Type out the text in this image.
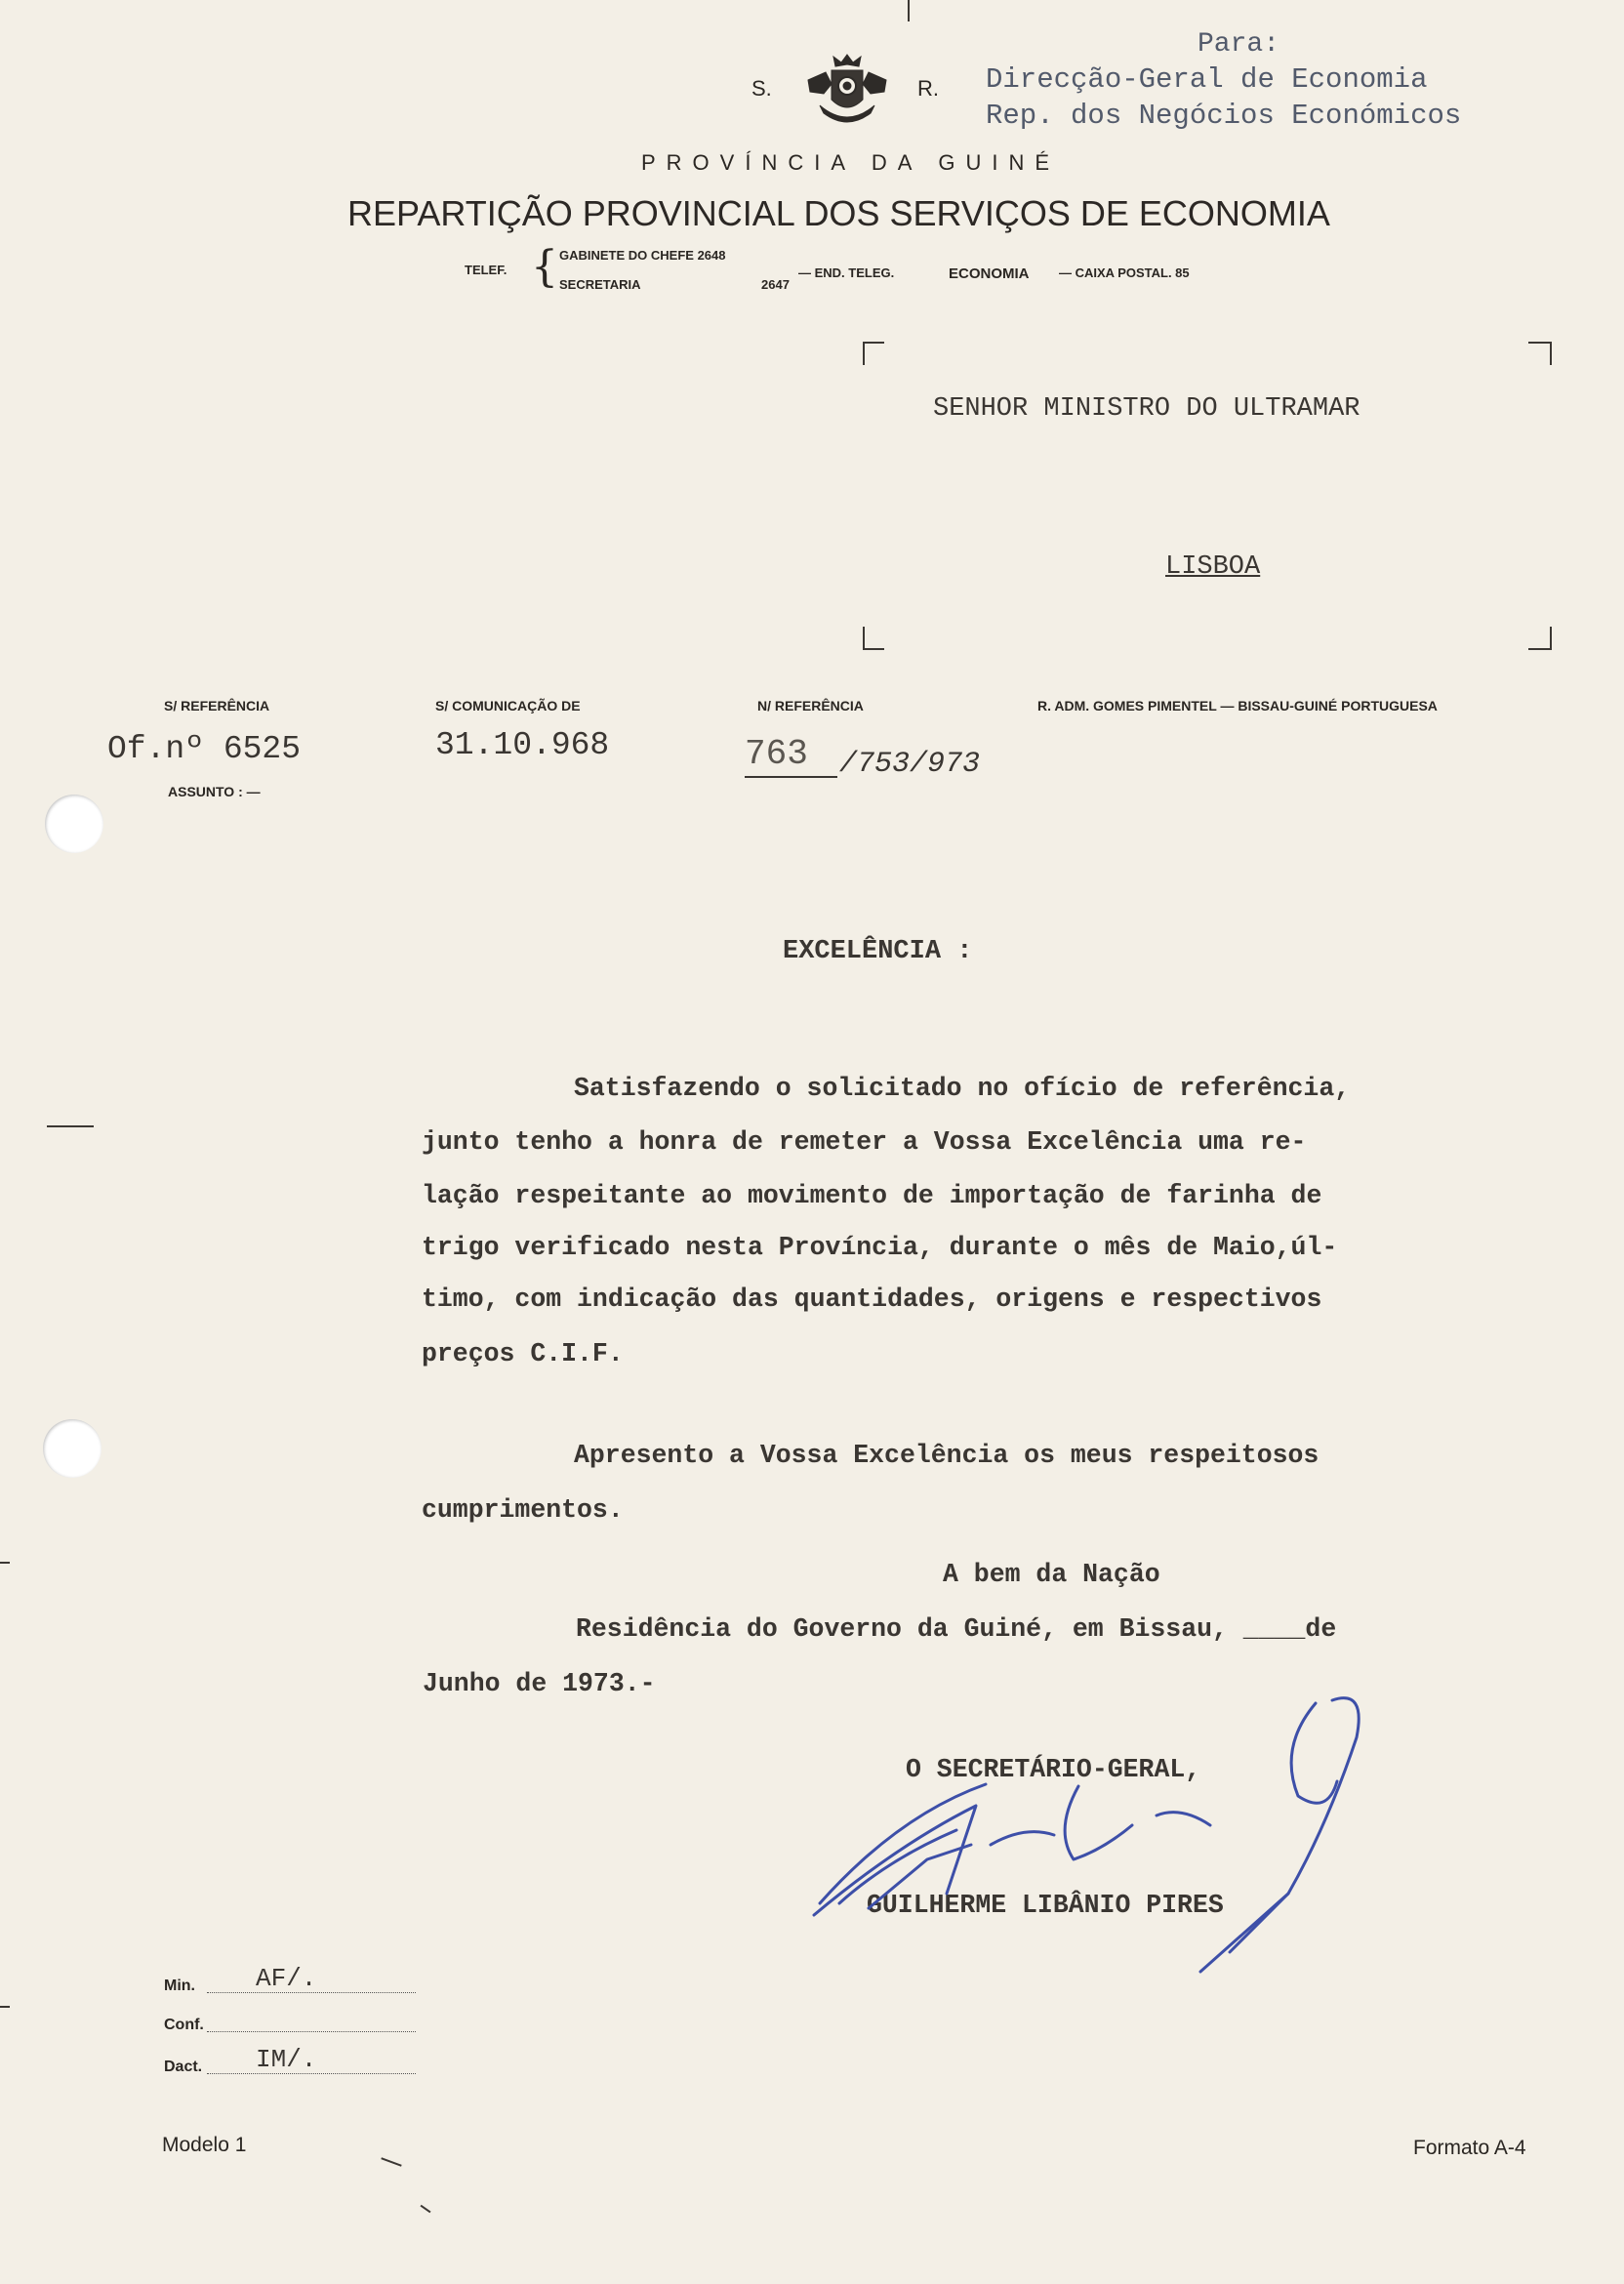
Para:
Direcção-Geral de Economia
Rep. dos Negócios Económicos
S.	R.
PROVÍNCIA DA GUINÉ
REPARTIÇÃO PROVINCIAL DOS SERVIÇOS DE ECONOMIA
TELEF. { GABINETE DO CHEFE 2648
SECRETARIA	2647
— END. TELEG.	ECONOMIA — CAIXA POSTAL. 85
SENHOR MINISTRO DO ULTRAMAR
LISBOA
S/ REFERÊNCIA	S/ COMUNICAÇÃO DE	N/ REFERÊNCIA	R. ADM. GOMES PIMENTEL — BISSAU-GUINÉ PORTUGUESA
Of.nº 6525	31.10.968	763	/753/973
ASSUNTO : —
EXCELÊNCIA :
Satisfazendo o solicitado no ofício de referência,
junto tenho a honra de remeter a Vossa Excelência uma re-
lação respeitante ao movimento de importação de farinha de
trigo verificado nesta Província, durante o mês de Maio,úl-
timo, com indicação das quantidades, origens e respectivos
preços C.I.F.
Apresento a Vossa Excelência os meus respeitosos
cumprimentos.
A bem da Nação
Residência do Governo da Guiné, em Bissau, ____de
Junho de 1973.-
O SECRETÁRIO-GERAL,
GUILHERME LIBÂNIO PIRES
Min. AF/.
Conf.
Dact. IM/.
Modelo 1	Formato A-4
